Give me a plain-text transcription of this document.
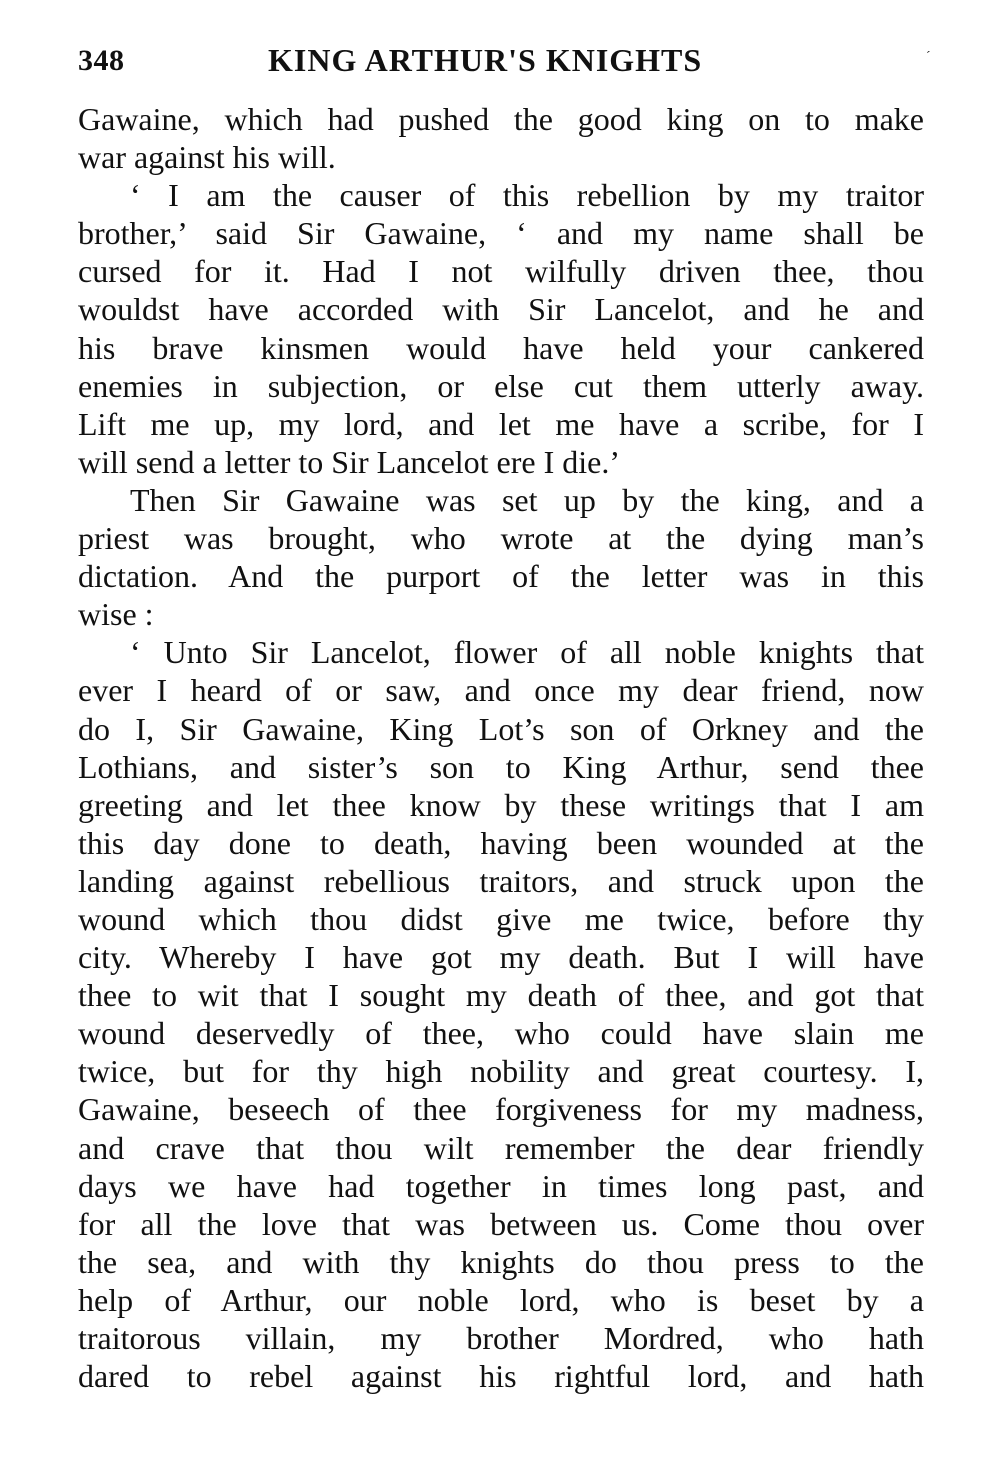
348	KING ARTHUR'S KNIGHTS
Gawaine, which had pushed the good king on to make
war against his will.
‘ I am the causer of this rebellion by my traitor
brother,’ said Sir Gawaine, ‘ and my name shall be
cursed for it. Had I not wilfully driven thee, thou
wouldst have accorded with Sir Lancelot, and he and
his brave kinsmen would have held your cankered
enemies in subjection, or else cut them utterly away.
Lift me up, my lord, and let me have a scribe, for I
will send a letter to Sir Lancelot ere I die.’
Then Sir Gawaine was set up by the king, and a
priest was brought, who wrote at the dying man’s
dictation. And the purport of the letter was in this
wise :
‘ Unto Sir Lancelot, flower of all noble knights that
ever I heard of or saw, and once my dear friend, now
do I, Sir Gawaine, King Lot’s son of Orkney and the
Lothians, and sister’s son to King Arthur, send thee
greeting and let thee know by these writings that I am
this day done to death, having been wounded at the
landing against rebellious traitors, and struck upon the
wound which thou didst give me twice, before thy
city. Whereby I have got my death. But I will have
thee to wit that I sought my death of thee, and got that
wound deservedly of thee, who could have slain me
twice, but for thy high nobility and great courtesy. I,
Gawaine, beseech of thee forgiveness for my madness,
and crave that thou wilt remember the dear friendly
days we have had together in times long past, and
for all the love that was between us. Come thou over
the sea, and with thy knights do thou press to the
help of Arthur, our noble lord, who is beset by a
traitorous villain, my brother Mordred, who hath
dared to rebel against his rightful lord, and hath
